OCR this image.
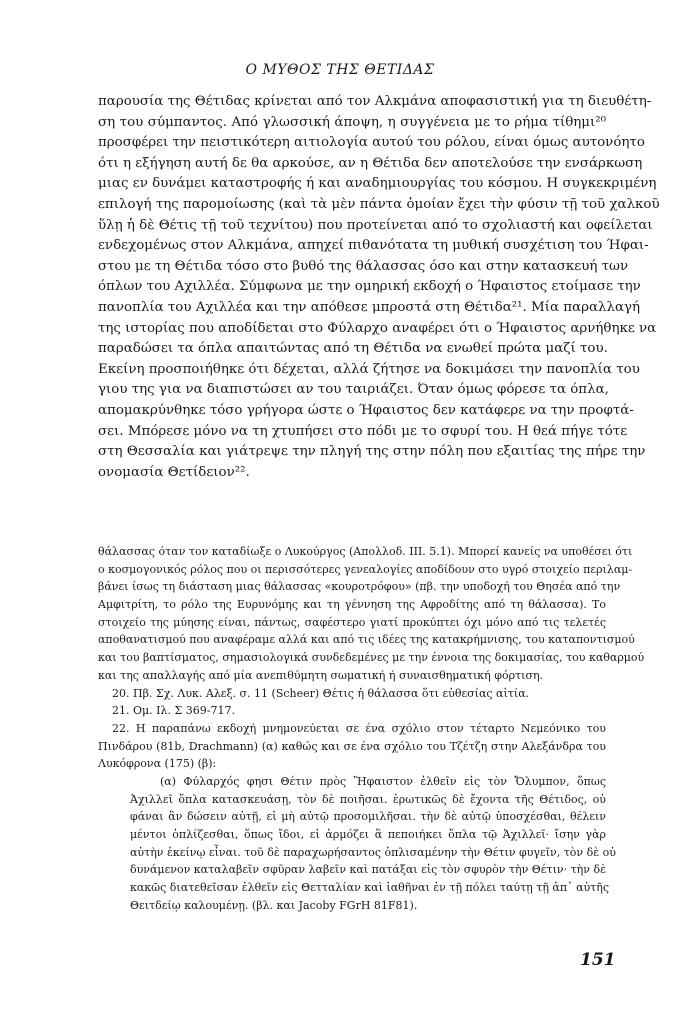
Ο ΜΥΘΟΣ ΤΗΣ ΘΕΤΙΔΑΣ
παρουσία της Θέτιδας κρίνεται από τον Αλκμάνα αποφασιστική για τη διευθέτη-
ση του σύμπαντος. Από γλωσσική άποψη, η συγγένεια με το ρήμα τίθημι²⁰
προσφέρει την πειστικότερη αιτιολογία αυτού του ρόλου, είναι όμως αυτονόητο
ότι η εξήγηση αυτή δε θα αρκούσε, αν η Θέτιδα δεν αποτελούσε την ενσάρκωση
μιας εν δυνάμει καταστροφής ή και αναδημιουργίας του κόσμου. Η συγκεκριμένη
επιλογή της παρομοίωσης (καὶ τὰ μὲν πάντα ὁμοίαν ἔχει τὴν φύσιν τῇ τοῦ χαλκοῦ
ὕλῃ ἡ δὲ Θέτις τῇ τοῦ τεχνίτου) που προτείνεται από το σχολιαστή και οφείλεται
ενδεχομένως στον Αλκμάνα, απηχεί πιθανότατα τη μυθική συσχέτιση του Ήφαι-
στου με τη Θέτιδα τόσο στο βυθό της θάλασσας όσο και στην κατασκευή των
όπλων του Αχιλλέα. Σύμφωνα με την ομηρική εκδοχή ο Ήφαιστος ετοίμασε την
πανοπλία του Αχιλλέα και την απόθεσε μπροστά στη Θέτιδα²¹. Μία παραλλαγή
της ιστορίας που αποδίδεται στο Φύλαρχο αναφέρει ότι ο Ήφαιστος αρνήθηκε να
παραδώσει τα όπλα απαιτώντας από τη Θέτιδα να ενωθεί πρώτα μαζί του.
Εκείνη προσποιήθηκε ότι δέχεται, αλλά ζήτησε να δοκιμάσει την πανοπλία του
γιου της για να διαπιστώσει αν του ταιριάζει. Όταν όμως φόρεσε τα όπλα,
απομακρύνθηκε τόσο γρήγορα ώστε ο Ήφαιστος δεν κατάφερε να την προφτά-
σει. Μπόρεσε μόνο να τη χτυπήσει στο πόδι με το σφυρί του. Η θεά πήγε τότε
στη Θεσσαλία και γιάτρεψε την πληγή της στην πόλη που εξαιτίας της πήρε την
ονομασία Θετίδειον²².
θάλασσας όταν τον καταδίωξε ο Λυκούργος (Απολλοδ. III. 5.1). Μπορεί κανείς να υποθέσει ότι
ο κοσμογονικός ρόλος που οι περισσότερες γενεαλογίες αποδίδουν στο υγρό στοιχείο περιλαμ-
βάνει ίσως τη διάσταση μιας θάλασσας «κουροτρόφου» (πβ. την υποδοχή του Θησέα από την
Αμφιτρίτη, το ρόλο της Ευρυνόμης και τη γέννηση της Αφροδίτης από τη θάλασσα). Το
στοιχείο της μύησης είναι, πάντως, σαφέστερο γιατί προκύπτει όχι μόνο από τις τελετές
αποθανατισμού που αναφέραμε αλλά και από τις ιδέες της κατακρήμνισης, του καταποντισμού
και του βαπτίσματος, σημασιολογικά συνδεδεμένες με την έννοια της δοκιμασίας, του καθαρμού
και της απαλλαγής από μία ανεπιθύμητη σωματική ή συναισθηματική φόρτιση.
20. Πβ. Σχ. Λυκ. Αλεξ. σ. 11 (Scheer) Θέτις ἡ θάλασσα ὅτι εὐθεσίας αἰτία.
21. Ομ. Ιλ. Σ 369-717.
22. Η παραπάνω εκδοχή μνημονεύεται σε ένα σχόλιο στον τέταρτο Νεμεόνικο του
Πινδάρου (81b, Drachmann) (α) καθώς και σε ένα σχόλιο του Τζέτζη στην Αλεξάνδρα του
Λυκόφρονα (175) (β):
(α) Φύλαρχός φησι Θέτιν πρὸς Ἥφαιστον ἐλθεῖν εἰς τὸν Ὄλυμπον, ὅπως
Ἀχιλλεῖ ὅπλα κατασκευάσῃ, τὸν δὲ ποιῆσαι. ἐρωτικῶς δὲ ἔχοντα τῆς Θέτιδος, οὐ
φάναι ἂν δώσειν αὐτῇ, εἰ μὴ αὐτῷ προσομιλῆσαι. τὴν δὲ αὐτῷ ὑποσχέσθαι, θέλειν
μέντοι ὁπλίζεσθαι, ὅπως ἴδοι, εἰ ἁρμόζει ἃ πεποιήκει ὅπλα τῷ Ἀχιλλεῖ· ἴσην γὰρ
αὐτὴν ἐκείνῳ εἶναι. τοῦ δὲ παραχωρήσαντος ὁπλισαμένην τὴν Θέτιν φυγεῖν, τὸν δὲ οὐ
δυνάμενον καταλαβεῖν σφῦραν λαβεῖν καὶ πατάξαι εἰς τὸν σφυρὸν τὴν Θέτιν· τὴν δὲ
κακῶς διατεθεῖσαν ἐλθεῖν εἰς Θετταλίαν καὶ ἰαθῆναι ἐν τῇ πόλει ταύτῃ τῇ ἀπ᾽ αὐτῆς
Θειτδείῳ καλουμένῃ. (βλ. και Jacoby FGrH 81F81).
151
